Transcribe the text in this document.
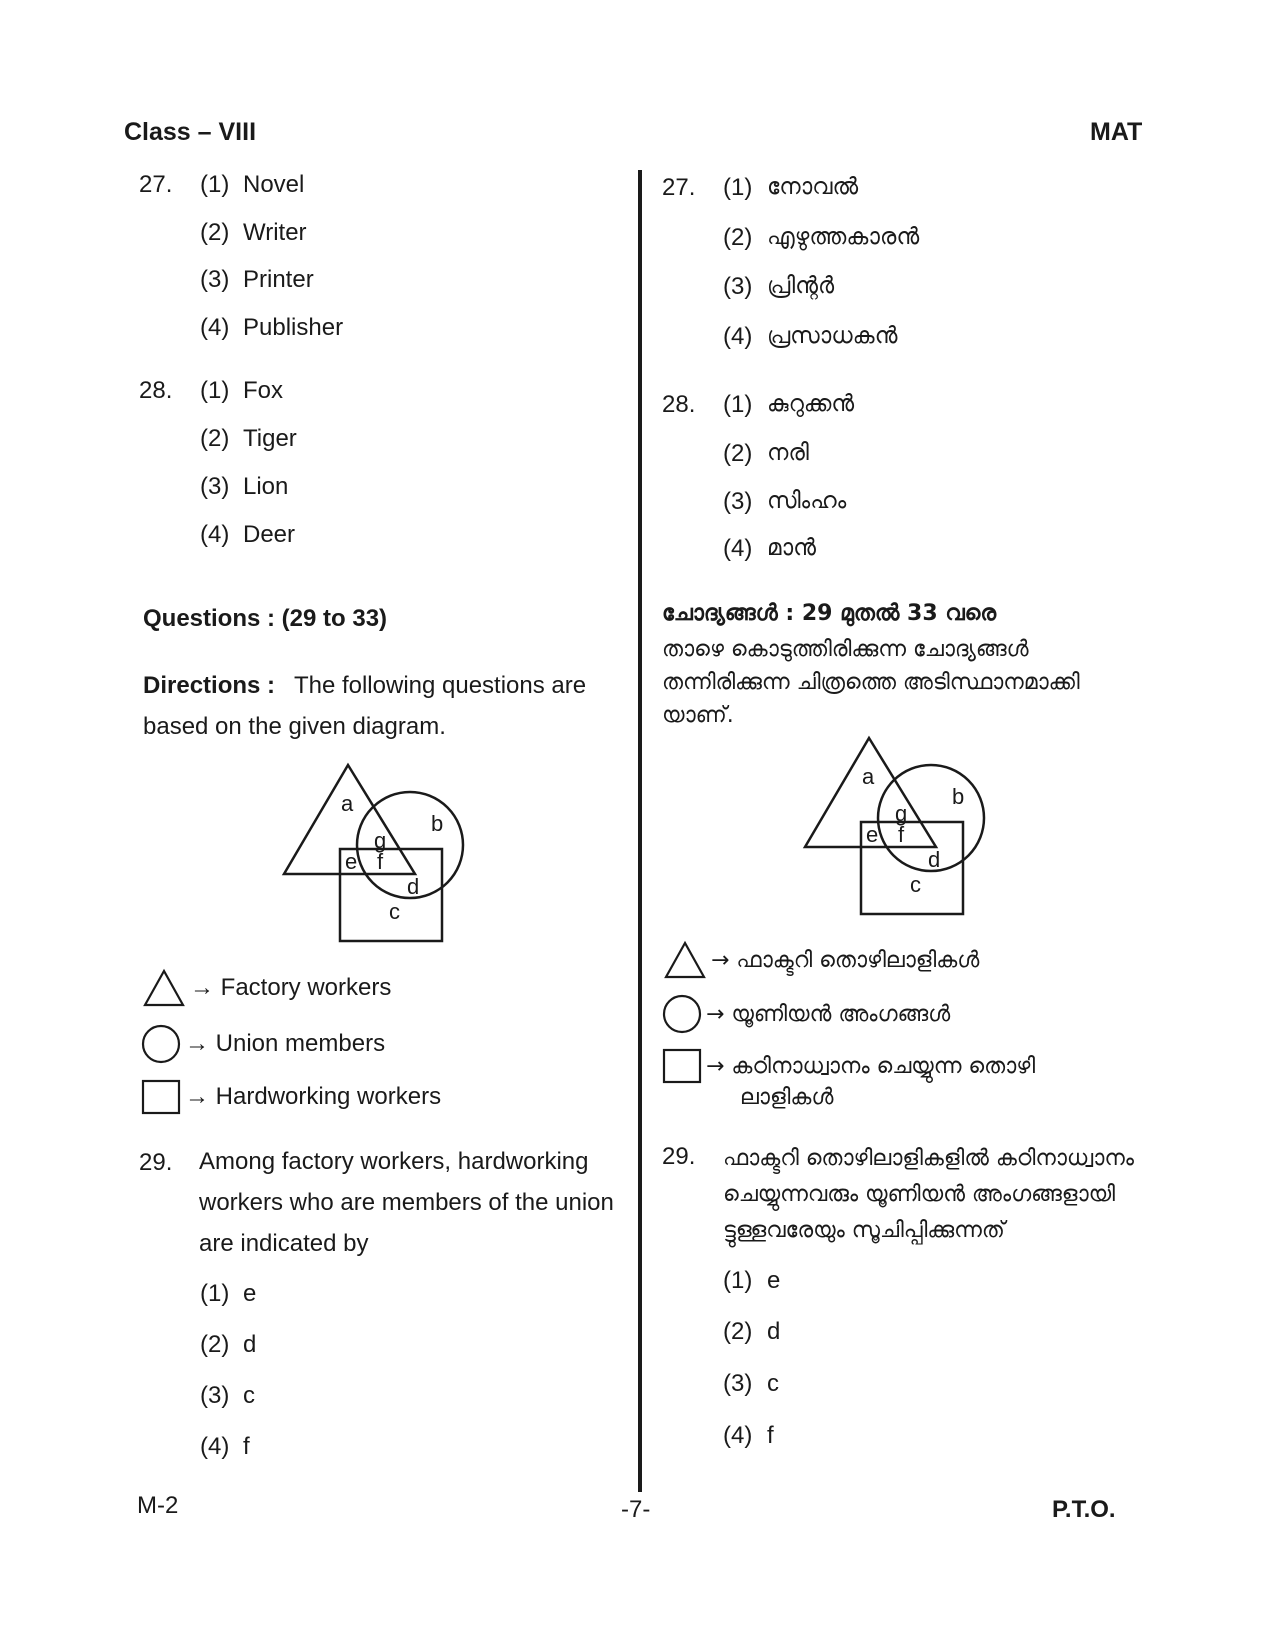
Class – VIII	MAT
27. (1) Novel
(2) Writer
(3) Printer
(4) Publisher
28. (1) Fox
(2) Tiger
(3) Lion
(4) Deer
Questions : (29 to 33)
Directions : The following questions are
based on the given diagram.
a
b
g
e f
d
c
→ Factory workers
→ Union members
→ Hardworking workers
29. Among factory workers, hardworking
workers who are members of the union
are indicated by
(1) e
(2) d
(3) c
(4) f
27. (1) നോവൽ
(2) എഴുത്തകാരൻ
(3) പ്രിന്റർ
(4) പ്രസാധകൻ
28. (1) കുറുക്കൻ
(2) നരി
(3) സിംഹം
(4) മാൻ
ചോദ്യങ്ങൾ : 29 മുതൽ 33 വരെ
താഴെ കൊടുത്തിരിക്കുന്ന ചോദ്യങ്ങൾ
തന്നിരിക്കുന്ന ചിത്രത്തെ അടിസ്ഥാനമാക്കി
യാണ്.
a
b
g
e f
d
c
→ ഫാക്ടറി തൊഴിലാളികൾ
→ യൂണിയൻ അംഗങ്ങൾ
→ കഠിനാധ്വാനം ചെയ്യുന്ന തൊഴി
ലാളികൾ
29. ഫാക്ടറി തൊഴിലാളികളിൽ കഠിനാധ്വാനം
ചെയ്യുന്നവരും യൂണിയൻ അംഗങ്ങളായി
ട്ടുള്ളവരേയും സൂചിപ്പിക്കുന്നത്
(1) e
(2) d
(3) c
(4) f
M-2	-7-	P.T.O.
